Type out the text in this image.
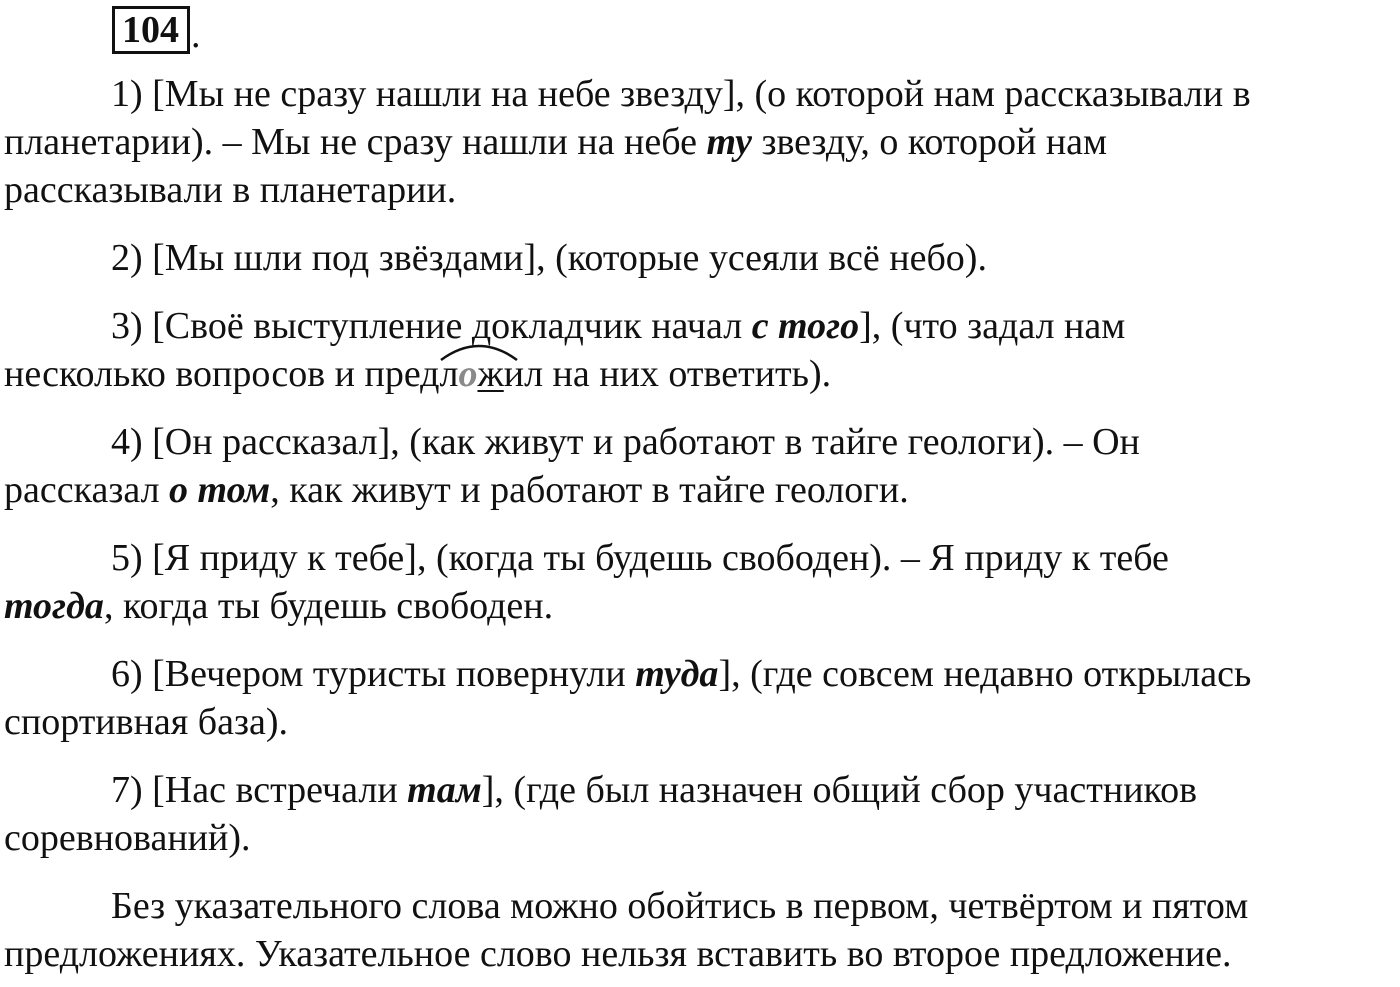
104 .

1) [Мы не сразу нашли на небе звезду], (о которой нам рассказывали в
планетарии). – Мы не сразу нашли на небе ту звезду, о которой нам
рассказывали в планетарии.

2) [Мы шли под звёздами], (которые усеяли всё небо).

3) [Своё выступление докладчик начал с того], (что задал нам
несколько вопросов и предлож
ил на них ответить).

4) [Он рассказал], (как живут и работают в тайге геологи). – Он
рассказал о том, как живут и работают в тайге геологи.

5) [Я приду к тебе], (когда ты будешь свободен). – Я приду к тебе
тогда, когда ты будешь свободен.

6) [Вечером туристы повернули туда], (где совсем недавно открылась
спортивная база).

7) [Нас встречали там], (где был назначен общий сбор участников
соревнований).

Без указательного слова можно обойтись в первом, четвёртом и пятом
предложениях. Указательное слово нельзя вставить во второе предложение.
